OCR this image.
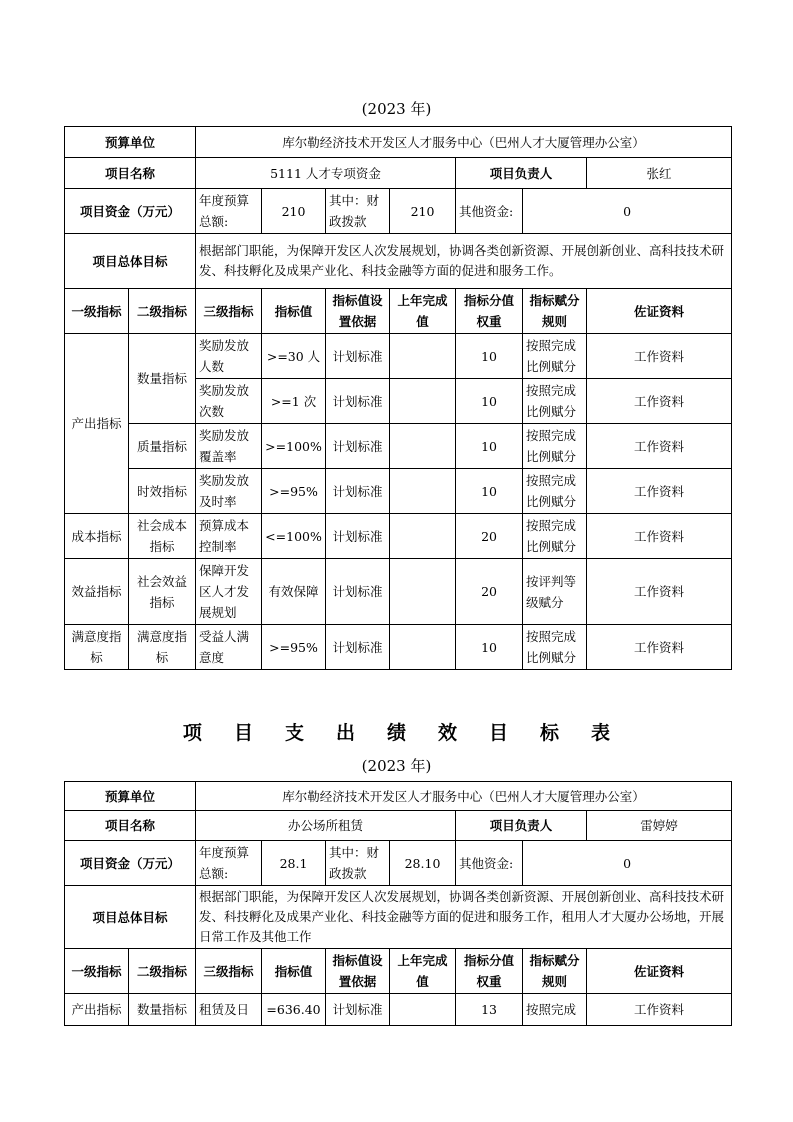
(2023 年)
预算单位		库尔勒经济技术开发区人才服务中心（巴州人才大厦管理办公室）						
项目名称		5111 人才专项资金				项目负责人		张红
项目资金（万元）		年度预算总额:	210	其中：财政拨款	210	其他资金:	0	
项目总体目标		根据部门职能，为保障开发区人次发展规划，协调各类创新资源、开展创新创业、高科技技术研发、科技孵化及成果产业化、科技金融等方面的促进和服务工作。						
一级指标	二级指标	三级指标	指标值	指标值设置依据	上年完成值	指标分值权重	指标赋分规则	佐证资料
产出指标	数量指标	奖励发放人数	>=30 人	计划标准		10	按照完成比例赋分	工作资料
		奖励发放次数	>=1 次	计划标准		10	按照完成比例赋分	工作资料
	质量指标	奖励发放覆盖率	>=100%	计划标准		10	按照完成比例赋分	工作资料
	时效指标	奖励发放及时率	>=95%	计划标准		10	按照完成比例赋分	工作资料
成本指标	社会成本指标	预算成本控制率	<=100%	计划标准		20	按照完成比例赋分	工作资料
效益指标	社会效益指标	保障开发区人才发展规划	有效保障	计划标准		20	按评判等级赋分	工作资料
满意度指标	满意度指标	受益人满意度	>=95%	计划标准		10	按照完成比例赋分	工作资料
项 目 支 出 绩 效 目 标 表
(2023 年)
预算单位		库尔勒经济技术开发区人才服务中心（巴州人才大厦管理办公室）						
项目名称		办公场所租赁				项目负责人		雷婷婷
项目资金（万元）		年度预算总额:	28.1	其中：财政拨款	28.10	其他资金:	0	
项目总体目标		根据部门职能，为保障开发区人次发展规划，协调各类创新资源、开展创新创业、高科技技术研发、科技孵化及成果产业化、科技金融等方面的促进和服务工作，租用人才大厦办公场地，开展日常工作及其他工作						
一级指标	二级指标	三级指标	指标值	指标值设置依据	上年完成值	指标分值权重	指标赋分规则	佐证资料
产出指标	数量指标	租赁及日	=636.40	计划标准		13	按照完成	工作资料
